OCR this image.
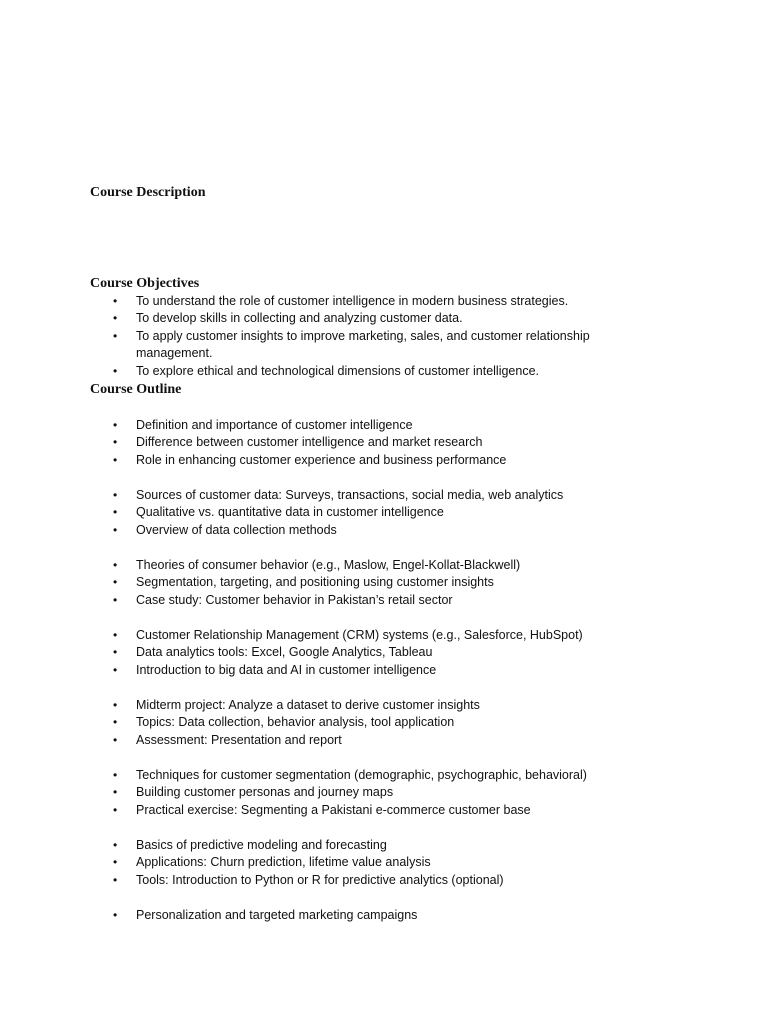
Course Description
Course Objectives
• To understand the role of customer intelligence in modern business strategies.
• To develop skills in collecting and analyzing customer data.
• To apply customer insights to improve marketing, sales, and customer relationship management.
• To explore ethical and technological dimensions of customer intelligence.
Course Outline
• Definition and importance of customer intelligence
• Difference between customer intelligence and market research
• Role in enhancing customer experience and business performance
• Sources of customer data: Surveys, transactions, social media, web analytics
• Qualitative vs. quantitative data in customer intelligence
• Overview of data collection methods
• Theories of consumer behavior (e.g., Maslow, Engel-Kollat-Blackwell)
• Segmentation, targeting, and positioning using customer insights
• Case study: Customer behavior in Pakistan’s retail sector
• Customer Relationship Management (CRM) systems (e.g., Salesforce, HubSpot)
• Data analytics tools: Excel, Google Analytics, Tableau
• Introduction to big data and AI in customer intelligence
• Midterm project: Analyze a dataset to derive customer insights
• Topics: Data collection, behavior analysis, tool application
• Assessment: Presentation and report
• Techniques for customer segmentation (demographic, psychographic, behavioral)
• Building customer personas and journey maps
• Practical exercise: Segmenting a Pakistani e-commerce customer base
• Basics of predictive modeling and forecasting
• Applications: Churn prediction, lifetime value analysis
• Tools: Introduction to Python or R for predictive analytics (optional)
• Personalization and targeted marketing campaigns
